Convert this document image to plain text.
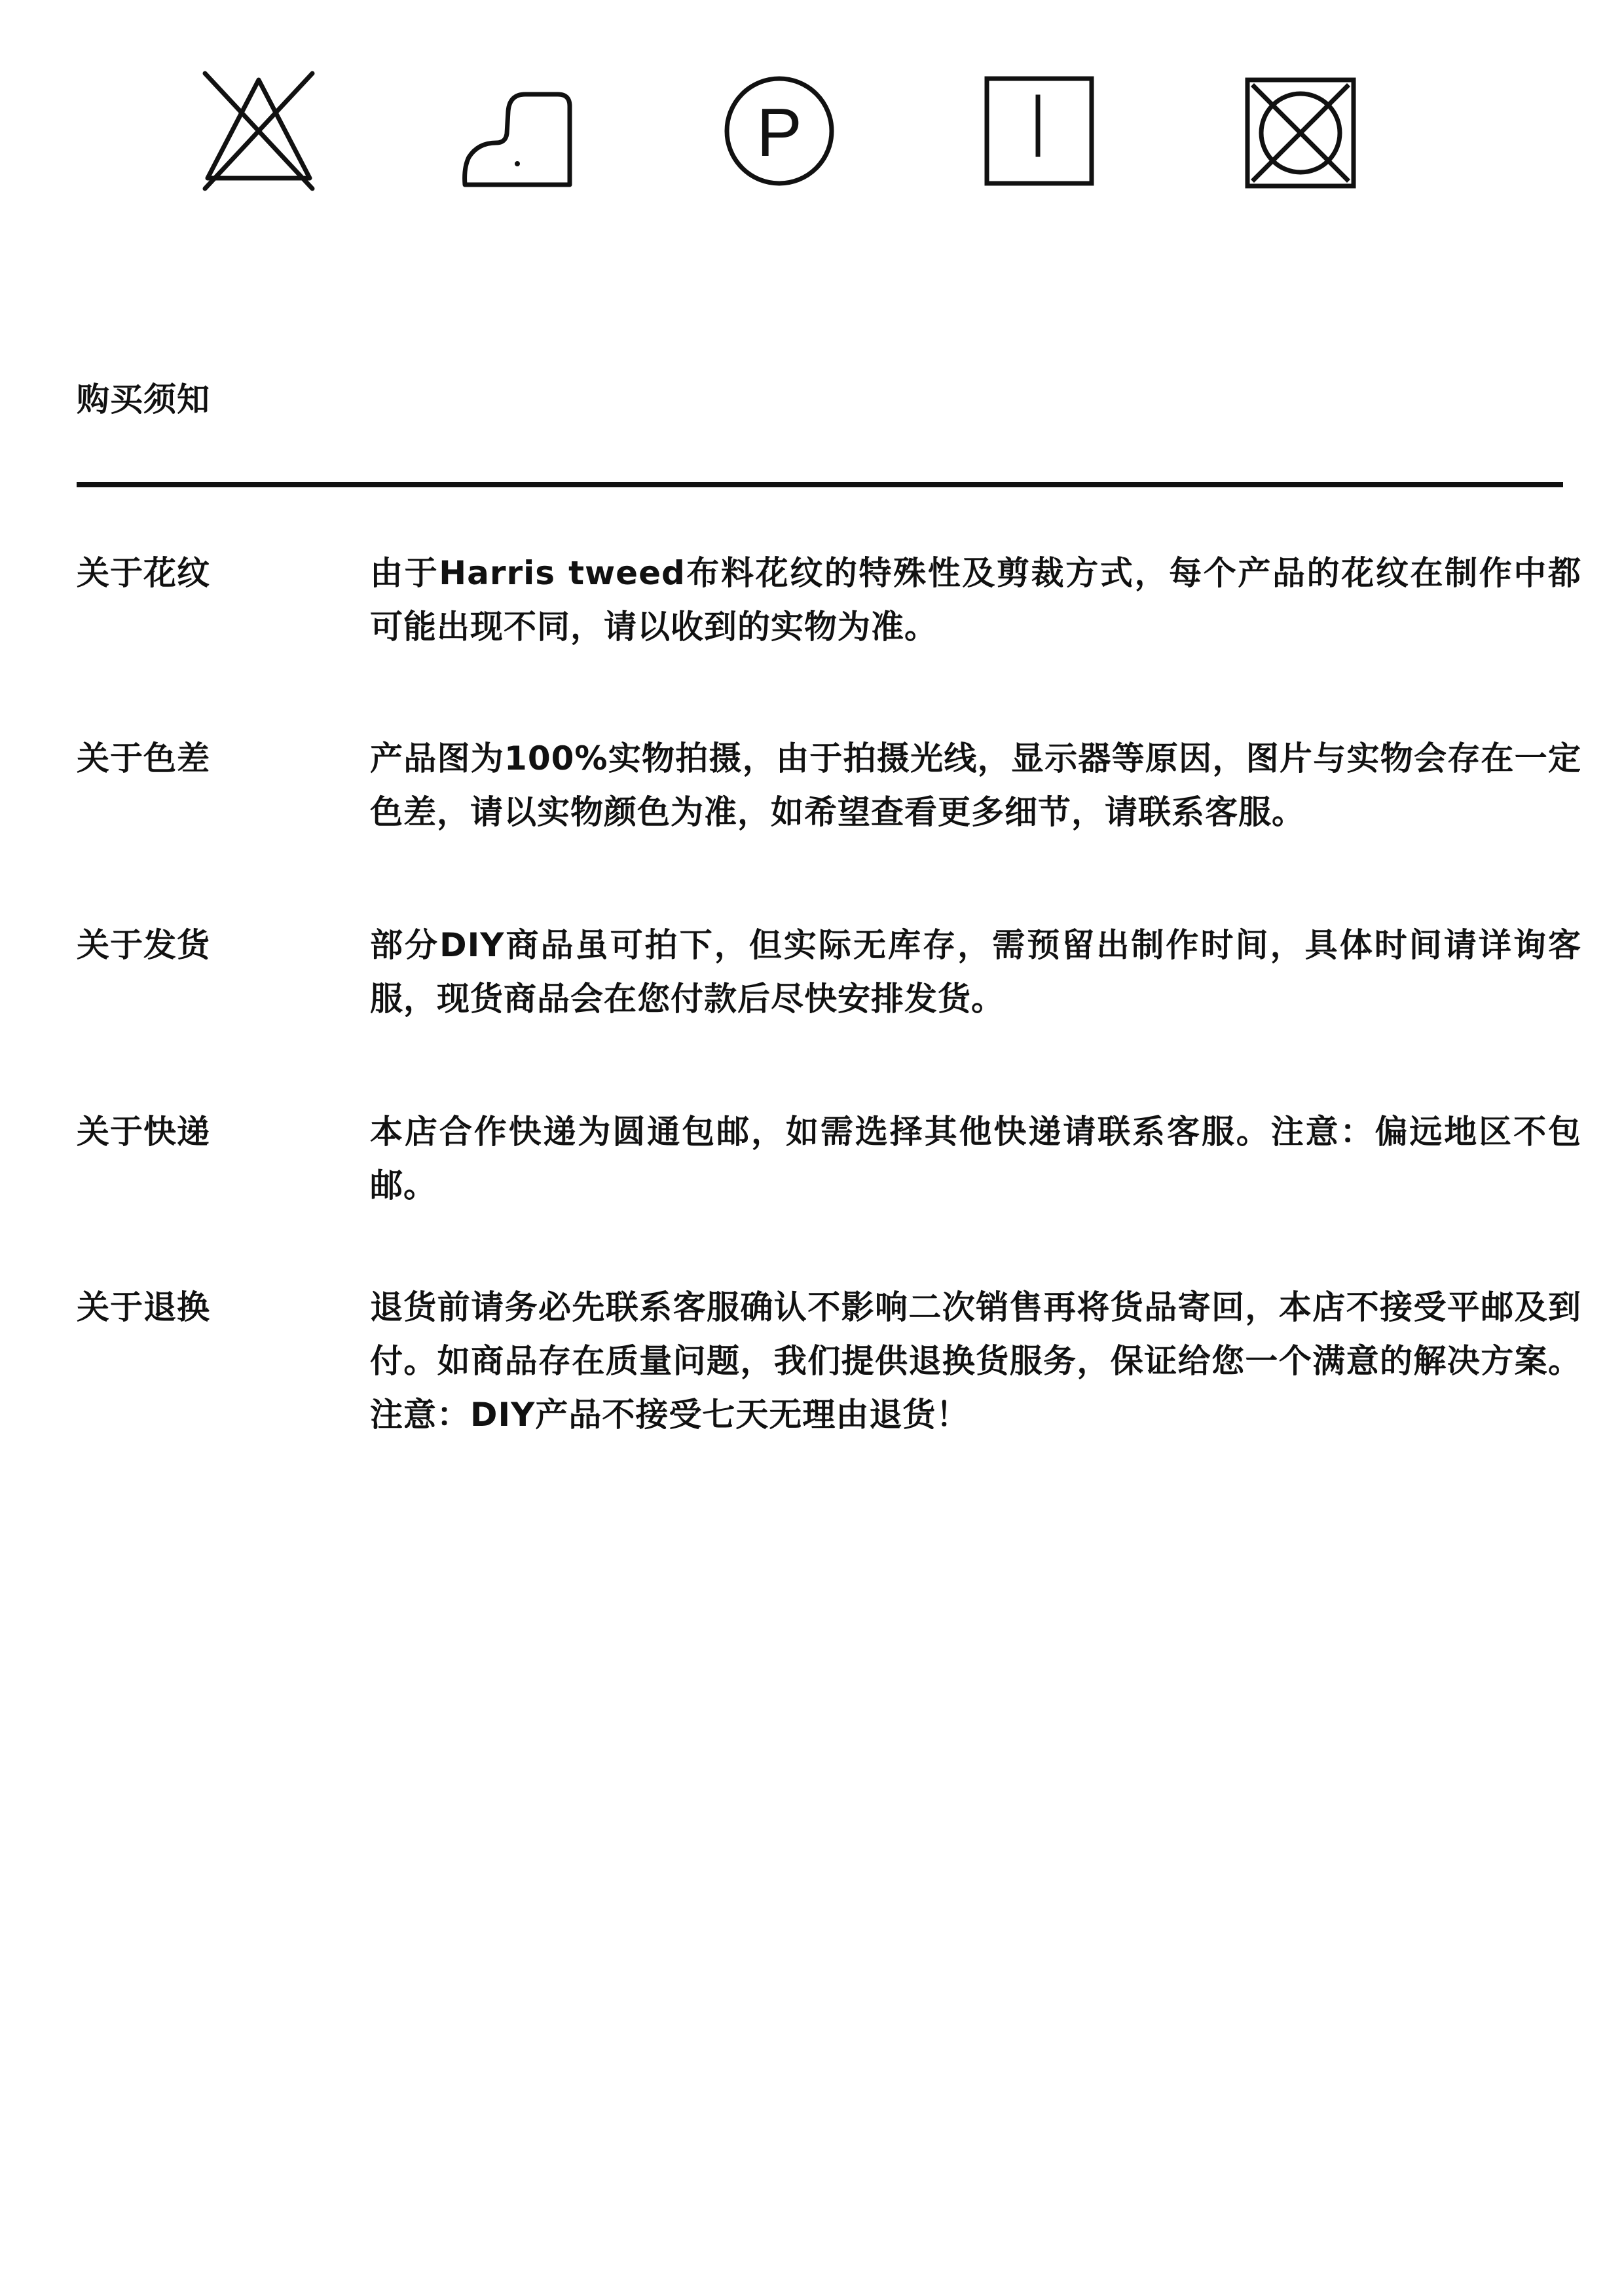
P
购买须知
关于花纹	由于Harris tweed布料花纹的特殊性及剪裁方式，每个产品的花纹在制作中都可能出现不同，请以收到的实物为准。
关于色差	产品图为100%实物拍摄，由于拍摄光线，显示器等原因，图片与实物会存在一定色差，请以实物颜色为准，如希望查看更多细节，请联系客服。
关于发货	部分DIY商品虽可拍下，但实际无库存，需预留出制作时间，具体时间请详询客服，现货商品会在您付款后尽快安排发货。
关于快递	本店合作快递为圆通包邮，如需选择其他快递请联系客服。注意：偏远地区不包邮。
关于退换	退货前请务必先联系客服确认不影响二次销售再将货品寄回，本店不接受平邮及到付。如商品存在质量问题，我们提供退换货服务，保证给您一个满意的解决方案。注意：DIY产品不接受七天无理由退货！
